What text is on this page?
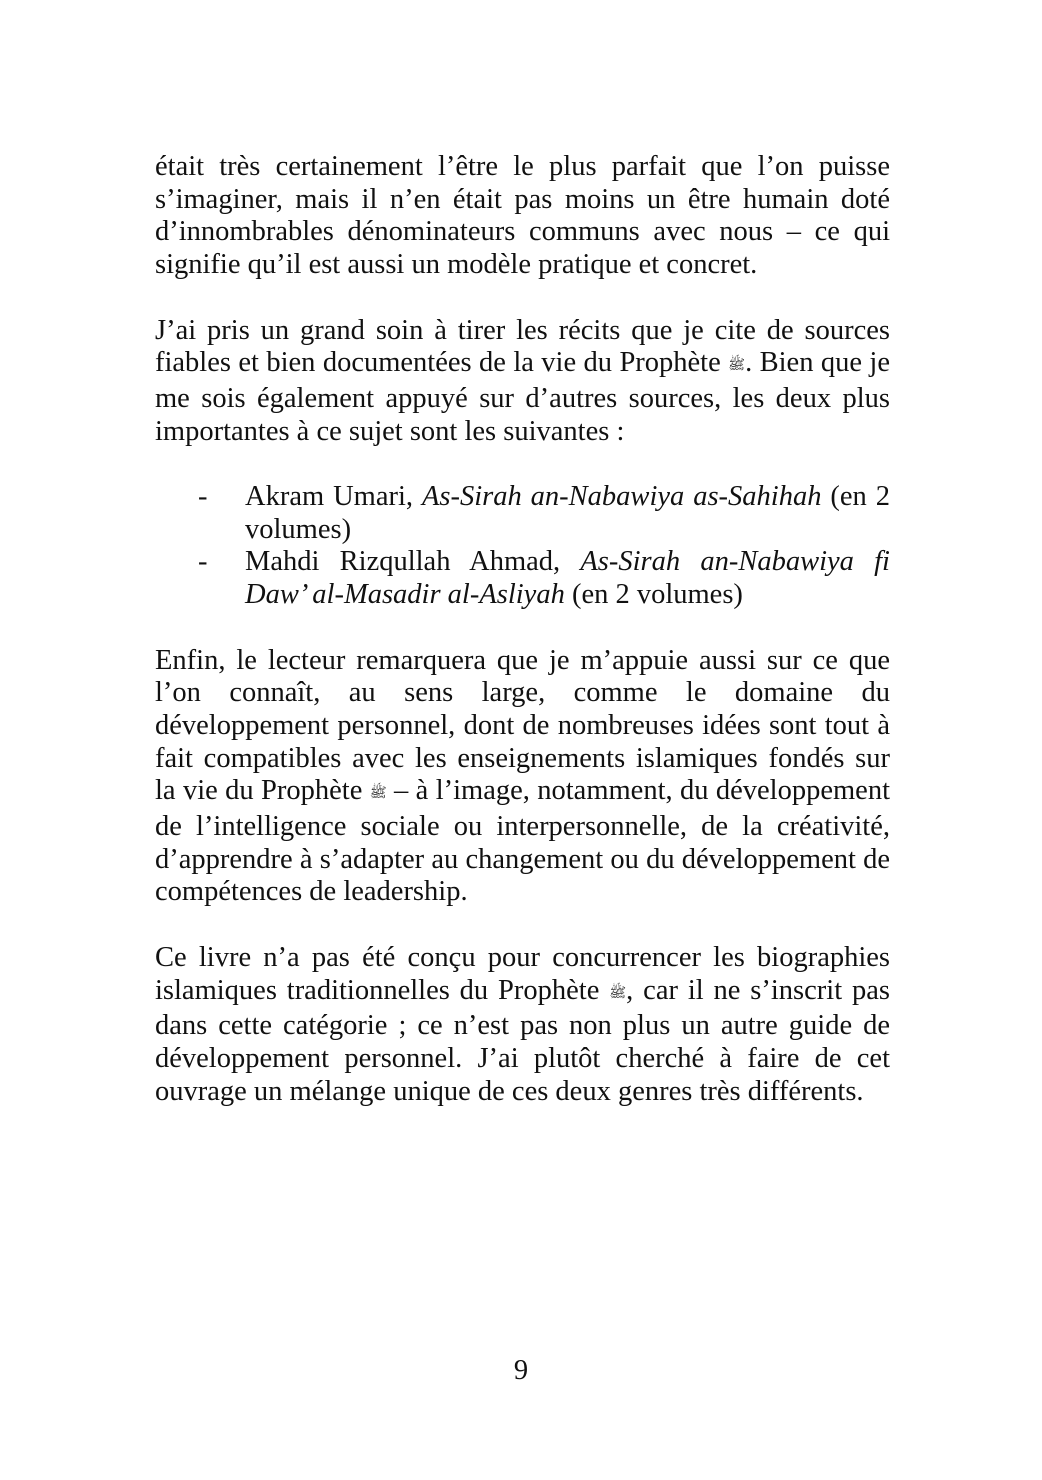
était très certainement l’être le plus parfait que l’on puisse s’imaginer, mais il n’en était pas moins un être humain doté d’innombrables dénominateurs communs avec nous – ce qui signifie qu’il est aussi un modèle pratique et concret.

J’ai pris un grand soin à tirer les récits que je cite de sources fiables et bien documentées de la vie du Prophète ﷺ. Bien que je me sois également appuyé sur d’autres sources, les deux plus importantes à ce sujet sont les suivantes :

- Akram Umari, As-Sirah an-Nabawiya as-Sahihah (en 2 volumes)
- Mahdi Rizqullah Ahmad, As-Sirah an-Nabawiya fi Daw’ al-Masadir al-Asliyah (en 2 volumes)

Enfin, le lecteur remarquera que je m’appuie aussi sur ce que l’on connaît, au sens large, comme le domaine du développement personnel, dont de nombreuses idées sont tout à fait compatibles avec les enseignements islamiques fondés sur la vie du Prophète ﷺ – à l’image, notamment, du développement de l’intelligence sociale ou interpersonnelle, de la créativité, d’apprendre à s’adapter au changement ou du développement de compétences de leadership.

Ce livre n’a pas été conçu pour concurrencer les biographies islamiques traditionnelles du Prophète ﷺ, car il ne s’inscrit pas dans cette catégorie ; ce n’est pas non plus un autre guide de développement personnel. J’ai plutôt cherché à faire de cet ouvrage un mélange unique de ces deux genres très différents.

9
